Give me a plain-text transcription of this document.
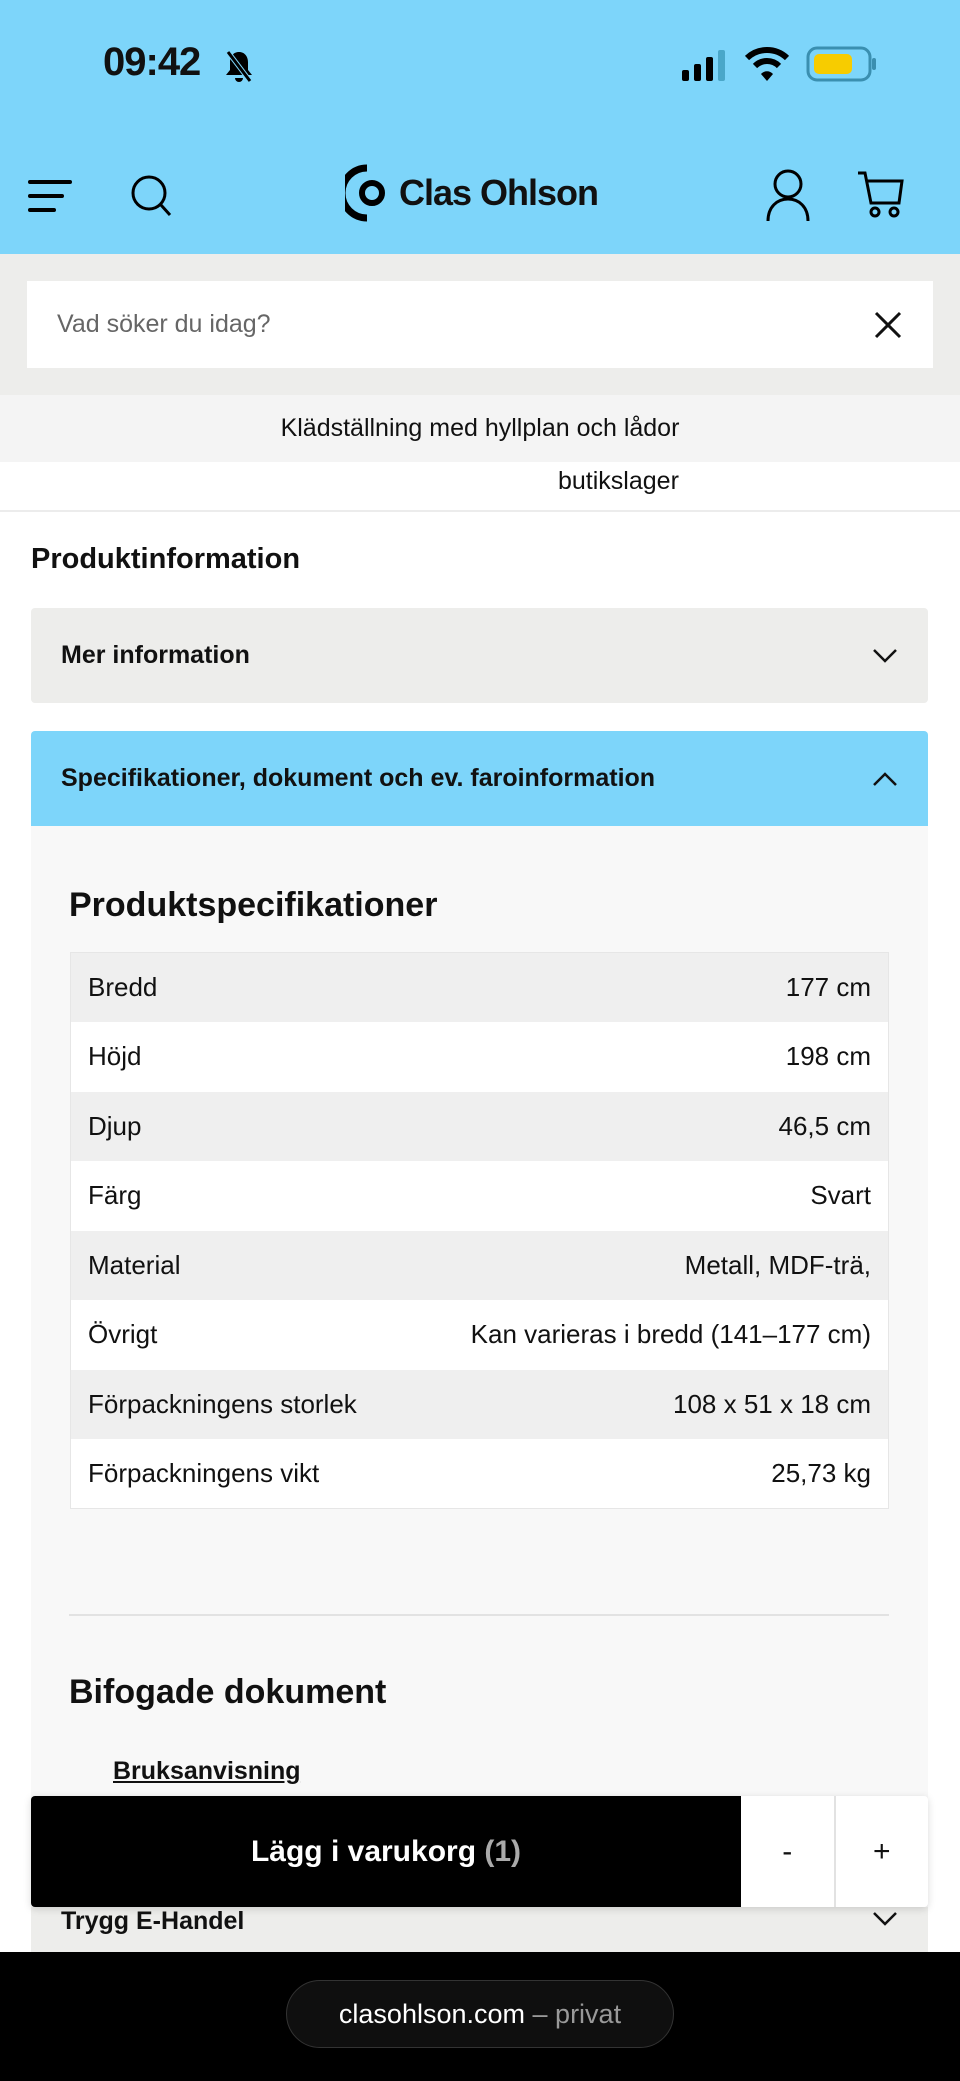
09:42
Clas Ohlson
Vad söker du idag?
Klädställning med hyllplan och lådor
butikslager
Produktinformation
Mer information
Specifikationer, dokument och ev. faroinformation
Produktspecifikationer
Bredd	177 cm
Höjd	198 cm
Djup	46,5 cm
Färg	Svart
Material	Metall, MDF-trä,
Övrigt	Kan varieras i bredd (141–177 cm)
Förpackningens storlek	108 x 51 x 18 cm
Förpackningens vikt	25,73 kg
Bifogade dokument
Bruksanvisning
Lägg i varukorg
(1)	-	+
Trygg E-Handel
clasohlson.com
– privat
